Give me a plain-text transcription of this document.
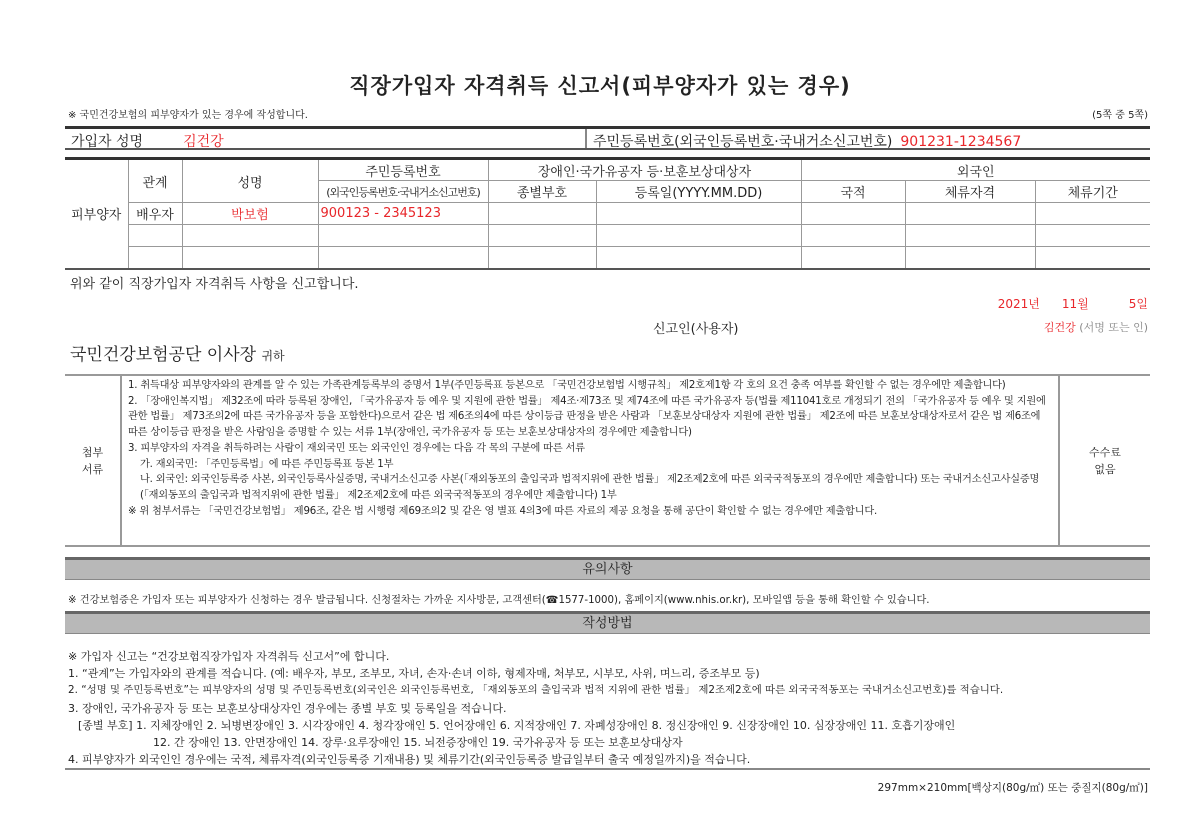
직장가입자 자격취득 신고서(피부양자가 있는 경우)
※ 국민건강보험의 피부양자가 있는 경우에 작성합니다.	(5쪽 중 5쪽)
가입자 성명	김건강	주민등록번호(외국인등록번호·국내거소신고번호) 901231-1234567
피부양자	관계	성명	주민등록번호	장애인·국가유공자 등·보훈보상대상자		외국인		
			(외국인등록번호·국내거소신고번호)	종별부호	등록일(YYYY.MM.DD)	국적	체류자격	체류기간
	배우자	박보험	900123 - 2345123					

위와 같이 직장가입자 자격취득 사항을 신고합니다.
2021년 11월	5일
신고인(사용자)	김건강 (서명 또는 인)
국민건강보험공단 이사장 귀하
첨부
서류
1. 취득대상 피부양자와의 관계를 알 수 있는 가족관계등록부의 증명서 1부(주민등록표 등본으로 「국민건강보험법 시행규칙」 제2호제1항 각 호의 요건 충족 여부를 확인할 수 없는 경우에만 제출합니다)
2. 「장애인복지법」 제32조에 따라 등록된 장애인, 「국가유공자 등 예우 및 지원에 관한 법률」 제4조·제73조 및 제74조에 따른 국가유공자 등(법률 제11041호로 개정되기 전의 「국가유공자 등 예우 및 지원에 관한 법률」 제73조의2에 따른 국가유공자 등을 포함한다)으로서 같은 법 제6조의4에 따른 상이등급 판정을 받은 사람과 「보훈보상대상자 지원에 관한 법률」 제2조에 따른 보훈보상대상자로서 같은 법 제6조에 따른 상이등급 판정을 받은 사람임을 증명할 수 있는 서류 1부(장애인, 국가유공자 등 또는 보훈보상대상자의 경우에만 제출합니다)
3. 피부양자의 자격을 취득하려는 사람이 재외국민 또는 외국인인 경우에는 다음 각 목의 구분에 따른 서류
가. 재외국민: 「주민등록법」에 따른 주민등록표 등본 1부
나. 외국인: 외국인등록증 사본, 외국인등록사실증명, 국내거소신고증 사본(「재외동포의 출입국과 법적지위에 관한 법률」 제2조제2호에 따른 외국국적동포의 경우에만 제출합니다) 또는 국내거소신고사실증명(「재외동포의 출입국과 법적지위에 관한 법률」 제2조제2호에 따른 외국국적동포의 경우에만 제출합니다) 1부
※ 위 첨부서류는 「국민건강보험법」 제96조, 같은 법 시행령 제69조의2 및 같은 영 별표 4의3에 따른 자료의 제공 요청을 통해 공단이 확인할 수 없는 경우에만 제출합니다.
수수료
없음
유의사항
※ 건강보험증은 가입자 또는 피부양자가 신청하는 경우 발급됩니다. 신청절차는 가까운 지사방문, 고객센터(☎1577-1000), 홈페이지(www.nhis.or.kr), 모바일앱 등을 통해 확인할 수 있습니다.
작성방법
※ 가입자 신고는 “건강보험직장가입자 자격취득 신고서”에 합니다.
1. “관계”는 가입자와의 관계를 적습니다. (예: 배우자, 부모, 조부모, 자녀, 손자·손녀 이하, 형제자매, 처부모, 시부모, 사위, 며느리, 증조부모 등)
2. “성명 및 주민등록번호”는 피부양자의 성명 및 주민등록번호(외국인은 외국인등록번호, 「재외동포의 출입국과 법적 지위에 관한 법률」 제2조제2호에 따른 외국국적동포는 국내거소신고번호)를 적습니다.
3. 장애인, 국가유공자 등 또는 보훈보상대상자인 경우에는 종별 부호 및 등록일을 적습니다.
[종별 부호] 1. 지체장애인 2. 뇌병변장애인 3. 시각장애인 4. 청각장애인 5. 언어장애인 6. 지적장애인 7. 자폐성장애인 8. 정신장애인 9. 신장장애인 10. 심장장애인 11. 호흡기장애인
12. 간 장애인 13. 안면장애인 14. 장루·요루장애인 15. 뇌전증장애인 19. 국가유공자 등 또는 보훈보상대상자
4. 피부양자가 외국인인 경우에는 국적, 체류자격(외국인등록증 기재내용) 및 체류기간(외국인등록증 발급일부터 출국 예정일까지)을 적습니다.
297mm×210mm[백상지(80g/㎡) 또는 중질지(80g/㎡)]
